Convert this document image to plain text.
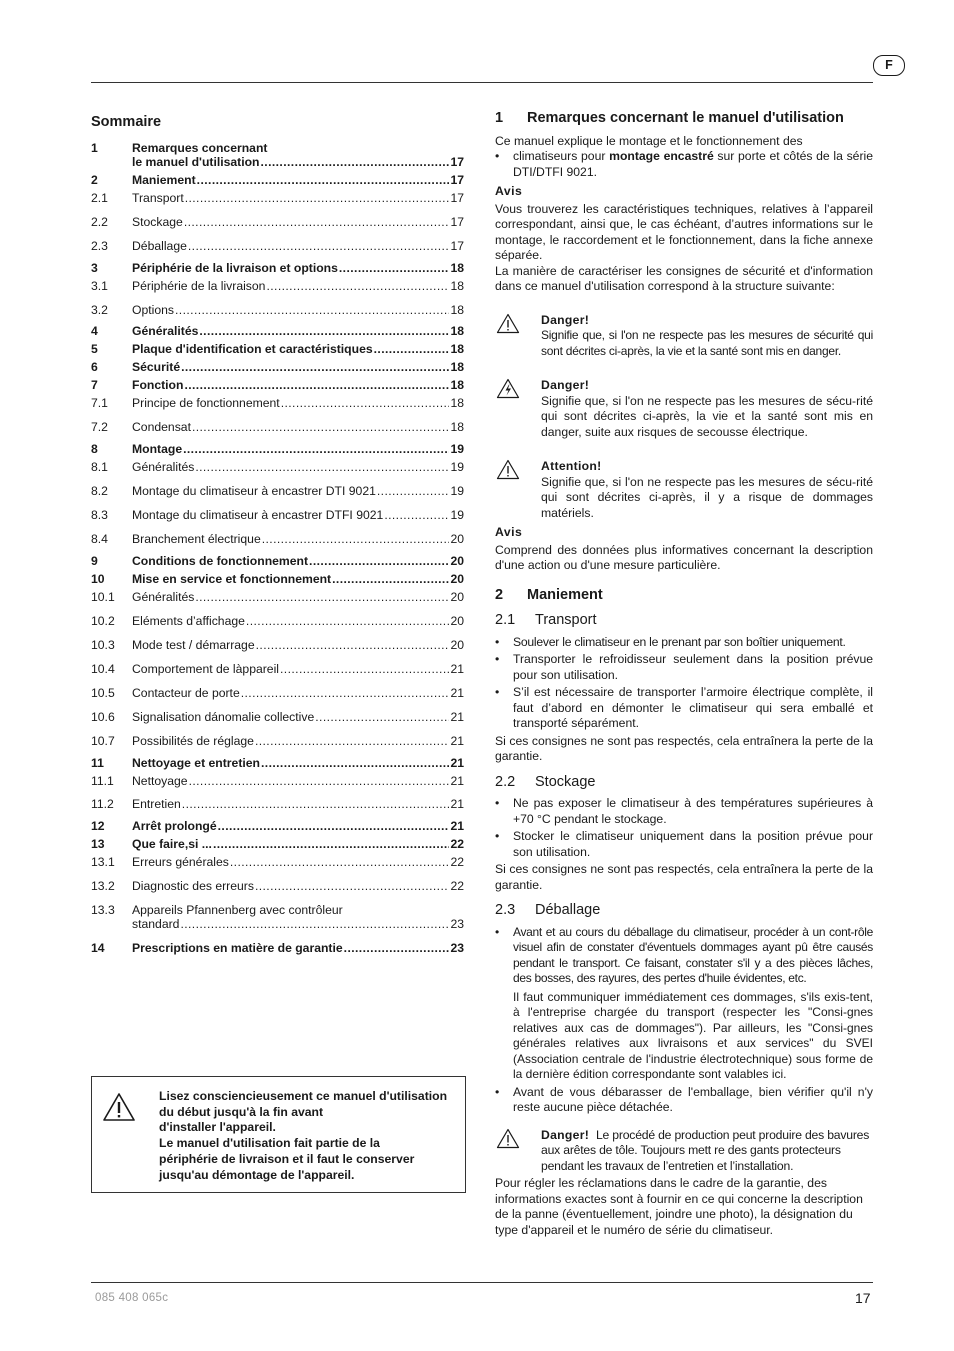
F
Sommaire
1	Remarques concernant
le manuel d'utilisation .....	17
2	Maniement .....	17
2.1 Transport .....	17
2.2 Stockage .....	17
2.3 Déballage .....	17
3	Périphérie de la livraison et options .....	18
3.1 Périphérie de la livraison .....	18
3.2 Options .....	18
4	Généralités .....	18
5	Plaque d'identification et caractéristiques .....	18
6	Sécurité .....	18
7	Fonction .....	18
7.1 Principe de fonctionnement .....	18
7.2 Condensat .....	18
8	Montage .....	19
8.1 Généralités .....	19
8.2 Montage du climatiseur à encastrer DTI 9021 .....	19
8.3 Montage du climatiseur à encastrer DTFI 9021 .....	19
8.4 Branchement électrique .....	20
9	Conditions de fonctionnement .....	20
10 Mise en service et fonctionnement .....	20
10.1 Généralités .....	20
10.2 Eléments d’affichage .....	20
10.3 Mode test / démarrage .....	20
10.4 Comportement de làppareil .....	21
10.5 Contacteur de porte .....	21
10.6 Signalisation dánomalie collective .....	21
10.7 Possibilités de réglage .....	21
11 Nettoyage et entretien .....	21
11.1 Nettoyage .....	21
11.2 Entretien .....	21
12 Arrêt prolongé .....	21
13 Que faire,si ... .....	22
13.1 Erreurs générales .....	22
13.2 Diagnostic des erreurs .....	22
13.3 Appareils Pfannenberg avec contrôleur
standard .....	23
14 Prescriptions en matière de garantie .....	23
Lisez consciencieusement ce manuel d'utilisation
du début jusqu'à la fin avant
d'installer l'appareil.
Le manuel d'utilisation fait partie de la
périphérie de livraison et il faut le conserver
jusqu'au démontage de l'appareil.
1	Remarques concernant le manuel d'utilisation

Ce manuel explique le montage et le fonctionnement des

• climatiseurs pour montage encastré sur porte et côtés de la série DTI/DTFI 9021.
Avis

Vous trouverez les caractéristiques techniques, relatives à l’appareil correspondant, ainsi que, le cas échéant, d’autres informations sur le montage, le raccordement et le fonctionnement, dans la fiche annexe séparée.

La manière de caractériser les consignes de sécurité et d'information dans ce manuel d'utilisation correspond à la structure suivante:

Danger!
Signifie que, si l'on ne respecte pas les mesures de sécurité qui sont décrites ci-après, la vie et la santé sont mis en danger.
Danger!
Signifie que, si l'on ne respecte pas les mesures de sécu-rité qui sont décrites ci-après, la vie et la santé sont mis en danger, suite aux risques de secousse électrique.
Attention!
Signifie que, si l'on ne respecte pas les mesures de sécu-rité qui sont décrites ci-après, il y a risque de dommages matériels.
Avis

Comprend des données plus informatives concernant la description d'une action ou d'une mesure particulière.

2	Maniement
2.1	Transport
• Soulever le climatiseur en le prenant par son boîtier uniquement.
• Transporter le refroidisseur seulement dans la position prévue pour son utilisation.
• S’il est nécessaire de transporter l’armoire électrique complète, il faut d’abord en démonter le climatiseur qui sera emballé et transporté séparément.

Si ces consignes ne sont pas respectés, cela entraînera la perte de la garantie.

2.2	Stockage
• Ne pas exposer le climatiseur à des températures supérieures à +70 °C pendant le stockage.
• Stocker le climatiseur uniquement dans la position prévue pour son utilisation.

Si ces consignes ne sont pas respectés, cela entraînera la perte de la garantie.

2.3	Déballage
• Avant et au cours du déballage du climatiseur, procéder à un cont-rôle visuel afin de constater d'éventuels dommages ayant pû être causés pendant le transport. Ce faisant, constater s'il y a des pièces lâches, des bosses, des rayures, des pertes d'huile évidentes, etc.
Il faut communiquer immédiatement ces dommages, s'ils exis-tent, à l'entreprise chargée du transport (respecter les "Consi-gnes relatives aux cas de dommages"). Par ailleurs, les "Consi-gnes générales relatives aux livraisons et aux services" du SVEI (Association centrale de l'industrie électrotechnique) sous forme de la dernière édition correspondante sont valables ici.
• Avant de vous débarasser de l'emballage, bien vérifier qu'il n'y reste aucune pièce détachée.
Danger! Le procédé de production peut produire des bavures aux arêtes de tôle. Toujours mett re des gants protecteurs pendant les travaux de l’entretien et l’installation.

Pour régler les réclamations dans le cadre de la garantie, des informations exactes sont à fournir en ce qui concerne la description de la panne (éventuellement, joindre une photo), la désignation du type d'appareil et le numéro de série du climatiseur.

085 408 065c	17
